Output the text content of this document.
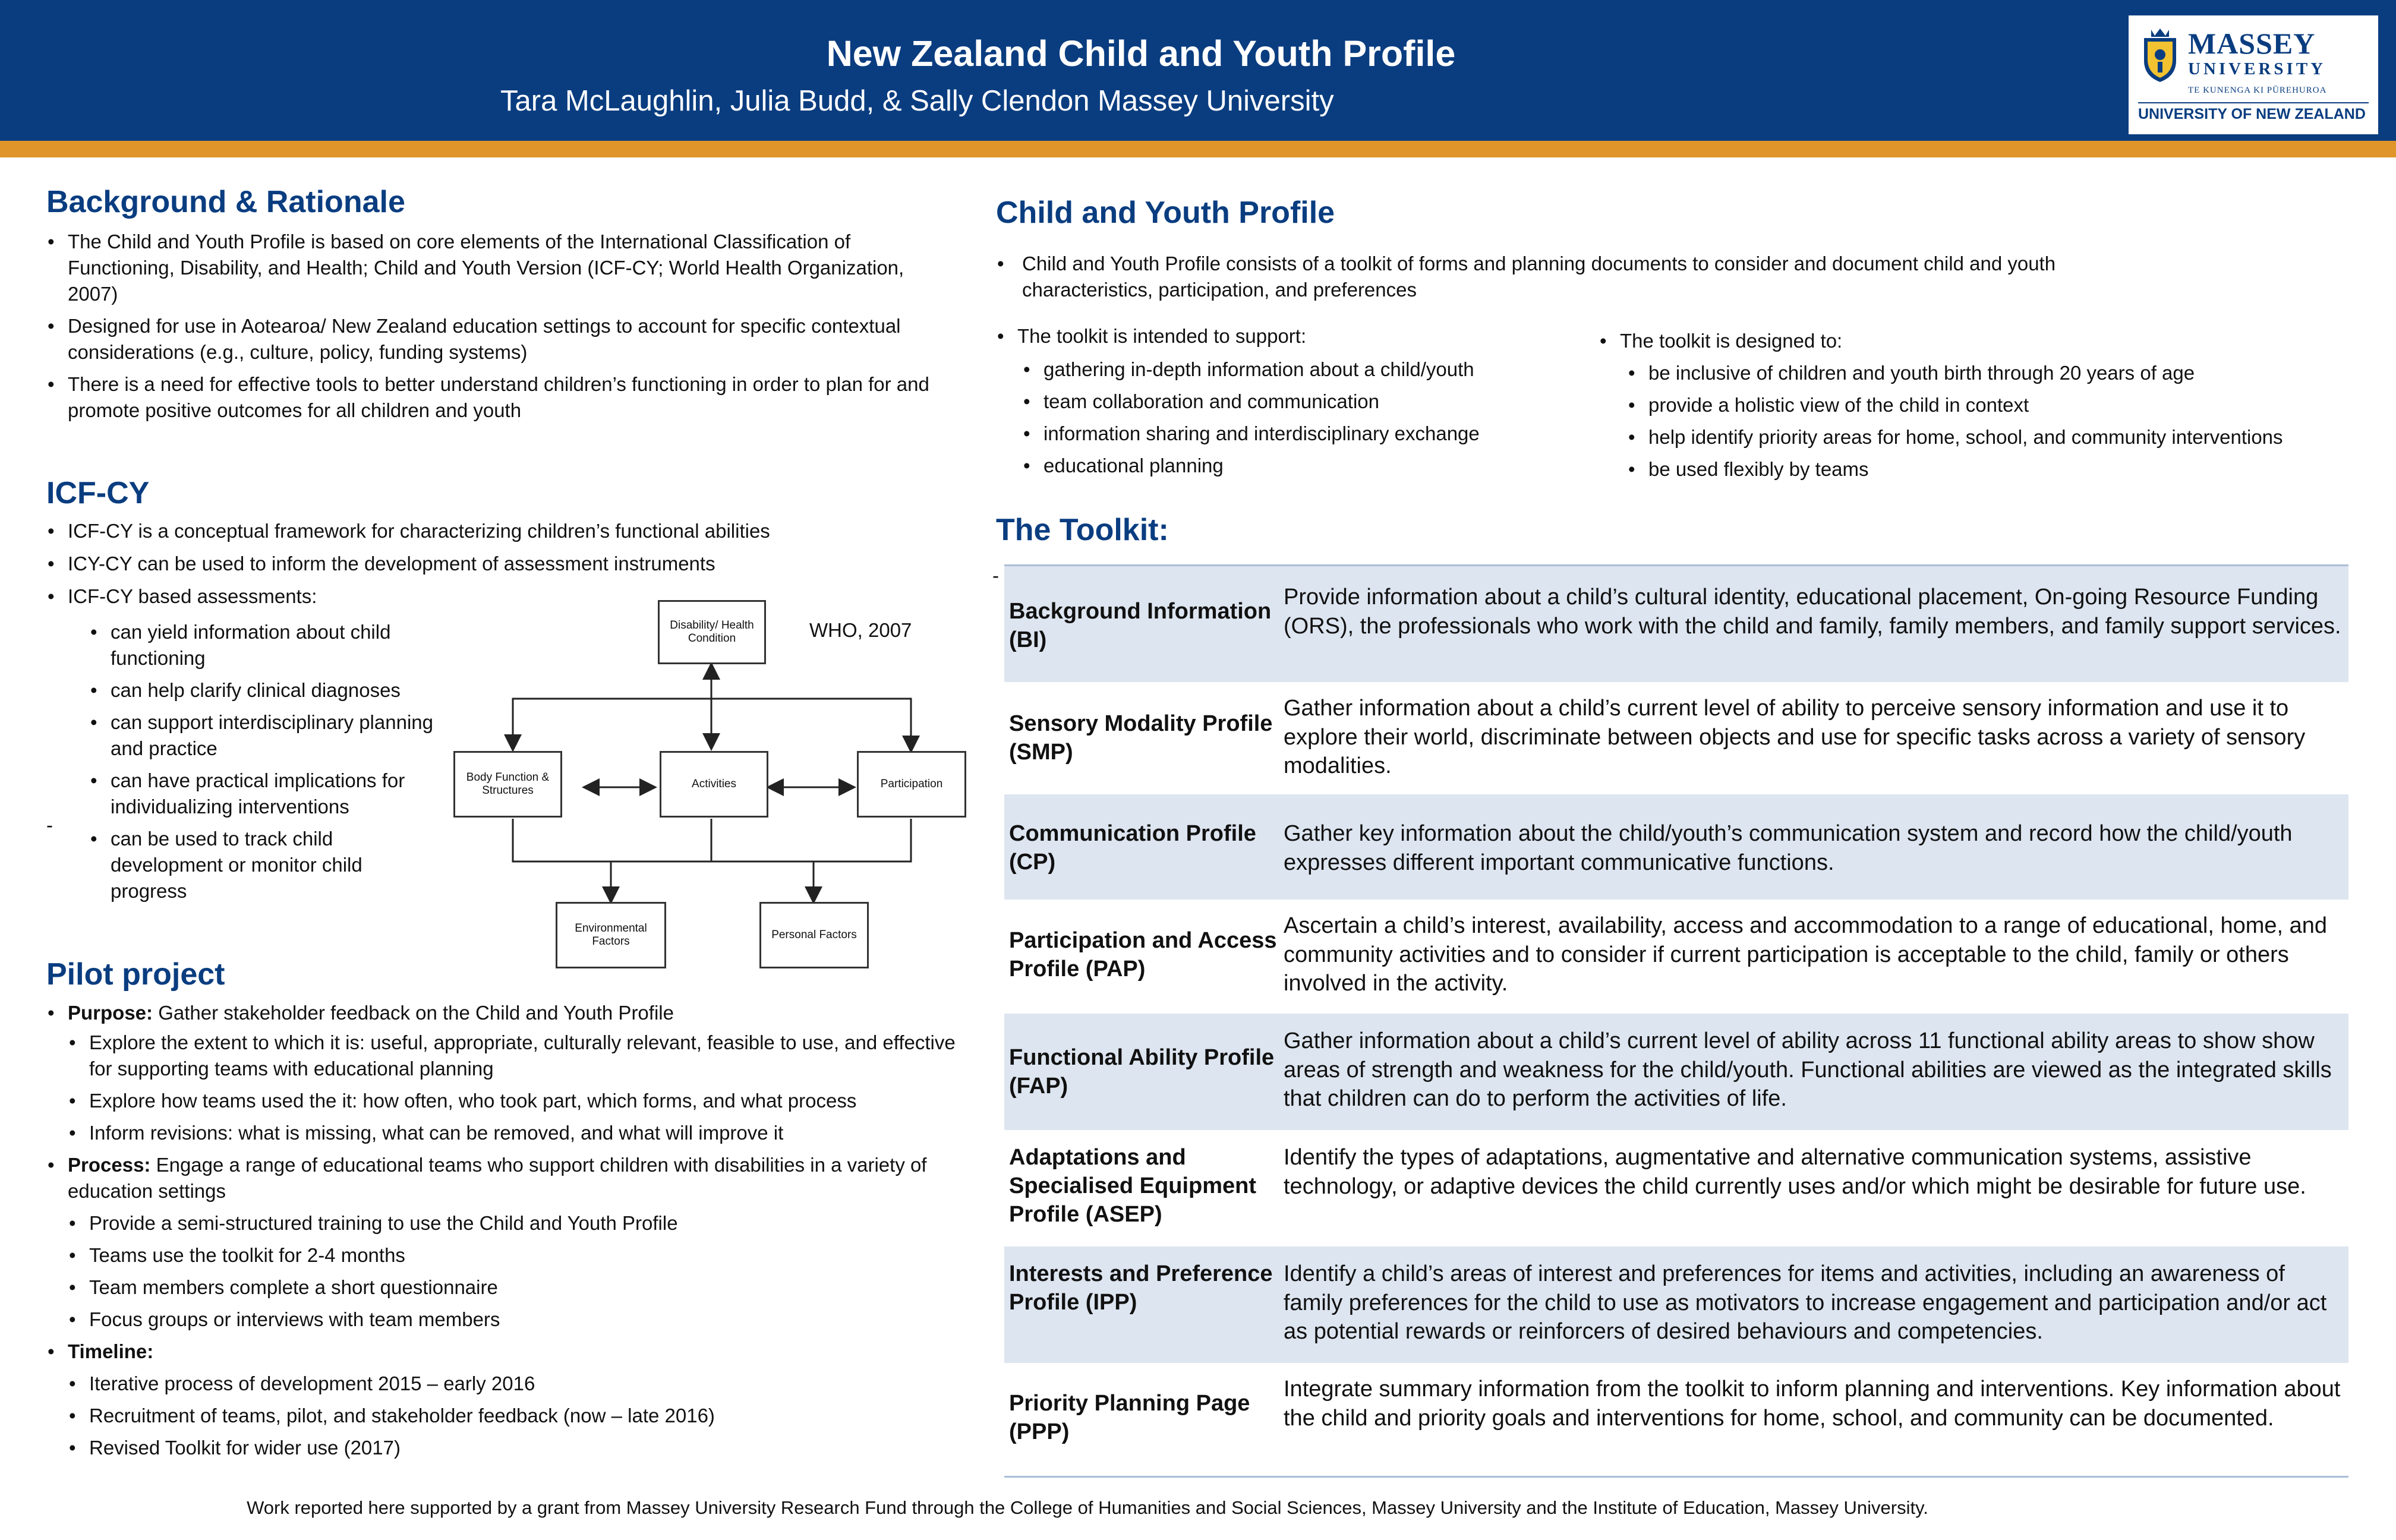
New Zealand Child and Youth Profile
Tara McLaughlin, Julia Budd, & Sally Clendon Massey University
MASSEY
UNIVERSITY
TE KUNENGA KI PŪREHUROA
UNIVERSITY OF NEW ZEALAND
Background & Rationale
• The Child and Youth Profile is based on core elements of the International Classification of Functioning, Disability, and Health; Child and Youth Version (ICF-CY; World Health Organization, 2007)
• Designed for use in Aotearoa/ New Zealand education settings to account for specific contextual considerations (e.g., culture, policy, funding systems)
• There is a need for effective tools to better understand children’s functioning in order to plan for and promote positive outcomes for all children and youth
ICF-CY
• ICF-CY is a conceptual framework for characterizing children’s functional abilities
• ICY-CY can be used to inform the development of assessment instruments
• ICF-CY based assessments:
• can yield information about child functioning
• can help clarify clinical diagnoses
• can support interdisciplinary planning and practice
• can have practical implications for individualizing interventions
• can be used to track child development or monitor child progress
-
Disability/ Health Condition
Body Function & Structures
Activities	Participation
Environmental Factors
Personal Factors
WHO, 2007
Pilot project
• Purpose: Gather stakeholder feedback on the Child and Youth Profile
• Explore the extent to which it is: useful, appropriate, culturally relevant, feasible to use, and effective for supporting teams with educational planning
• Explore how teams used the it: how often, who took part, which forms, and what process
• Inform revisions: what is missing, what can be removed, and what will improve it
• Process: Engage a range of educational teams who support children with disabilities in a variety of education settings
• Provide a semi-structured training to use the Child and Youth Profile
• Teams use the toolkit for 2-4 months
• Team members complete a short questionnaire
• Focus groups or interviews with team members
• Timeline:
• Iterative process of development 2015 – early 2016
• Recruitment of teams, pilot, and stakeholder feedback (now – late 2016)
• Revised Toolkit for wider use (2017)
Child and Youth Profile
• Child and Youth Profile consists of a toolkit of forms and planning documents to consider and document child and youth characteristics, participation, and preferences
• The toolkit is intended to support:
• gathering in-depth information about a child/youth
• team collaboration and communication
• information sharing and interdisciplinary exchange
• educational planning
• The toolkit is designed to:
• be inclusive of children and youth birth through 20 years of age
• provide a holistic view of the child in context
• help identify priority areas for home, school, and community interventions
• be used flexibly by teams
The Toolkit:
-
Background Information (BI)
Provide information about a child’s cultural identity, educational placement, On-going Resource Funding (ORS), the professionals who work with the child and family, family members, and family support services.
Sensory Modality Profile (SMP)
Gather information about a child’s current level of ability to perceive sensory information and use it to explore their world, discriminate between objects and use for specific tasks across a variety of sensory modalities.
Communication Profile (CP)
Gather key information about the child/youth’s communication system and record how the child/youth expresses different important communicative functions.
Participation and Access Profile (PAP)
Ascertain a child’s interest, availability, access and accommodation to a range of educational, home, and community activities and to consider if current participation is acceptable to the child, family or others involved in the activity.
Functional Ability Profile (FAP)
Gather information about a child’s current level of ability across 11 functional ability areas to show show areas of strength and weakness for the child/youth. Functional abilities are viewed as the integrated skills that children can do to perform the activities of life.
Adaptations and Specialised Equipment Profile (ASEP)
Identify the types of adaptations, augmentative and alternative communication systems, assistive technology, or adaptive devices the child currently uses and/or which might be desirable for future use.
Interests and Preference Profile (IPP)
Identify a child’s areas of interest and preferences for items and activities, including an awareness of family preferences for the child to use as motivators to increase engagement and participation and/or act as potential rewards or reinforcers of desired behaviours and competencies.
Priority Planning Page (PPP)
Integrate summary information from the toolkit to inform planning and interventions. Key information about the child and priority goals and interventions for home, school, and community can be documented.
Work reported here supported by a grant from Massey University Research Fund through the College of Humanities and Social Sciences, Massey University and the Institute of Education, Massey University.
